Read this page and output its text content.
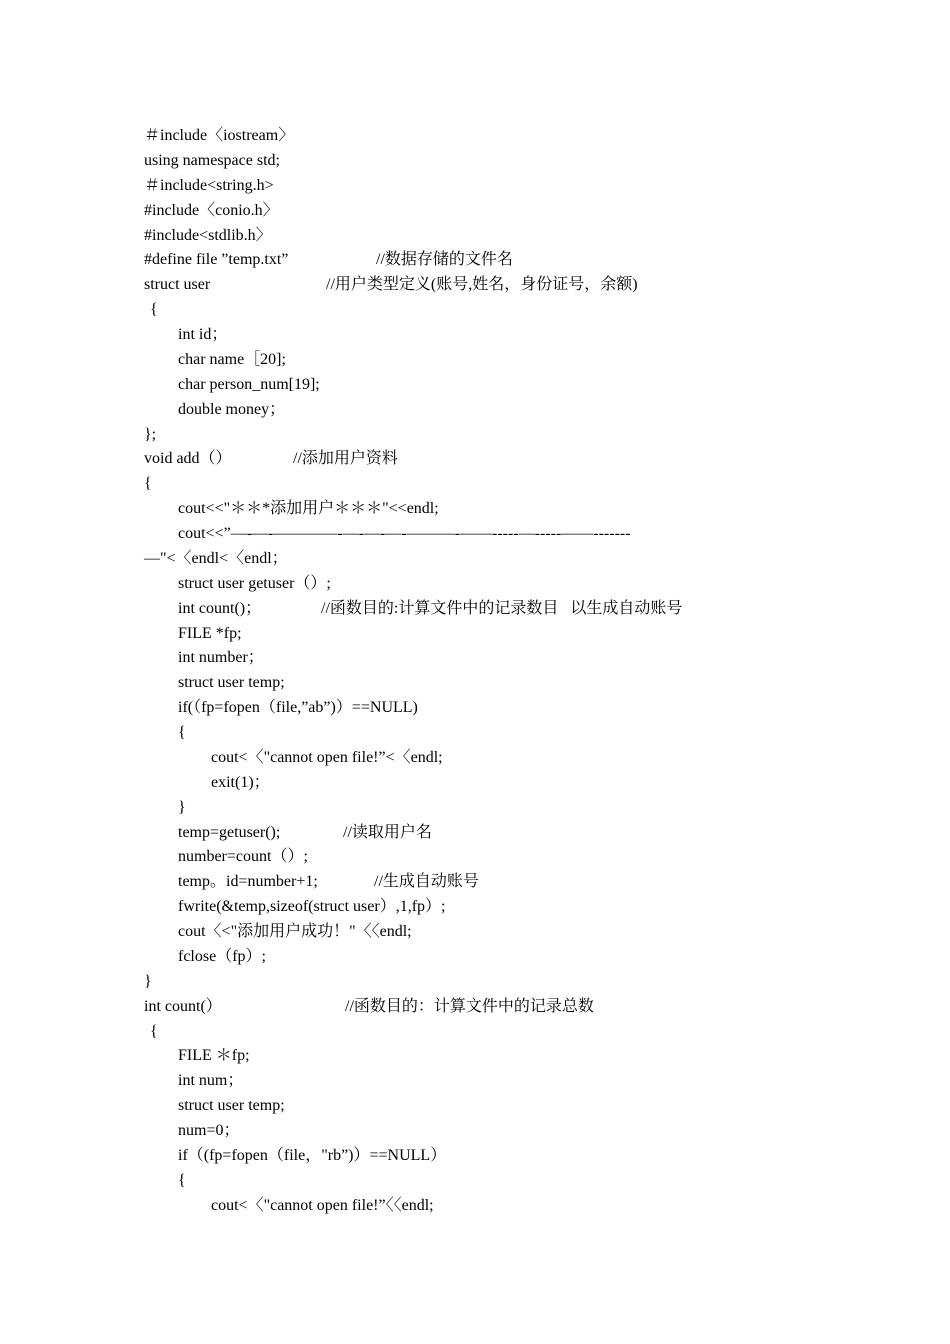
＃include〈iostream〉
using namespace std;
＃include<string.h>
#include〈conio.h〉
#include<stdlib.h〉
#define file ”temp.txt”	//数据存储的文件名
struct user	//用户类型定义(账号,姓名，身份证号，余额)
{
int id；
char name［20];
char person_num[19];
double money；
};
void add（）	//添加用户资料
{
cout<<"＊＊*添加用户＊＊＊"<<endl;
cout<<”—-—-————-—-—-—-———-——-----—-----——-------
—"<〈endl<〈endl；
struct user getuser（）;
int count()；	//函数目的:计算文件中的记录数目   以生成自动账号
FILE *fp;
int number；
struct user temp;
if(（fp=fopen（file,”ab”)）==NULL)
{
cout<〈"cannot open file!”<〈endl;
exit(1)；
}
temp=getuser();	//读取用户名
number=count（）;
temp。id=number+1;	//生成自动账号
fwrite(&temp,sizeof(struct user）,1,fp）;
cout〈<"添加用户成功！"〈〈endl;
fclose（fp）;
}
int count(）	//函数目的：计算文件中的记录总数
{
FILE ＊fp;
int num；
struct user temp;
num=0；
if（(fp=fopen（file，"rb”)）==NULL）
{
cout<〈"cannot open file!”〈〈endl;
